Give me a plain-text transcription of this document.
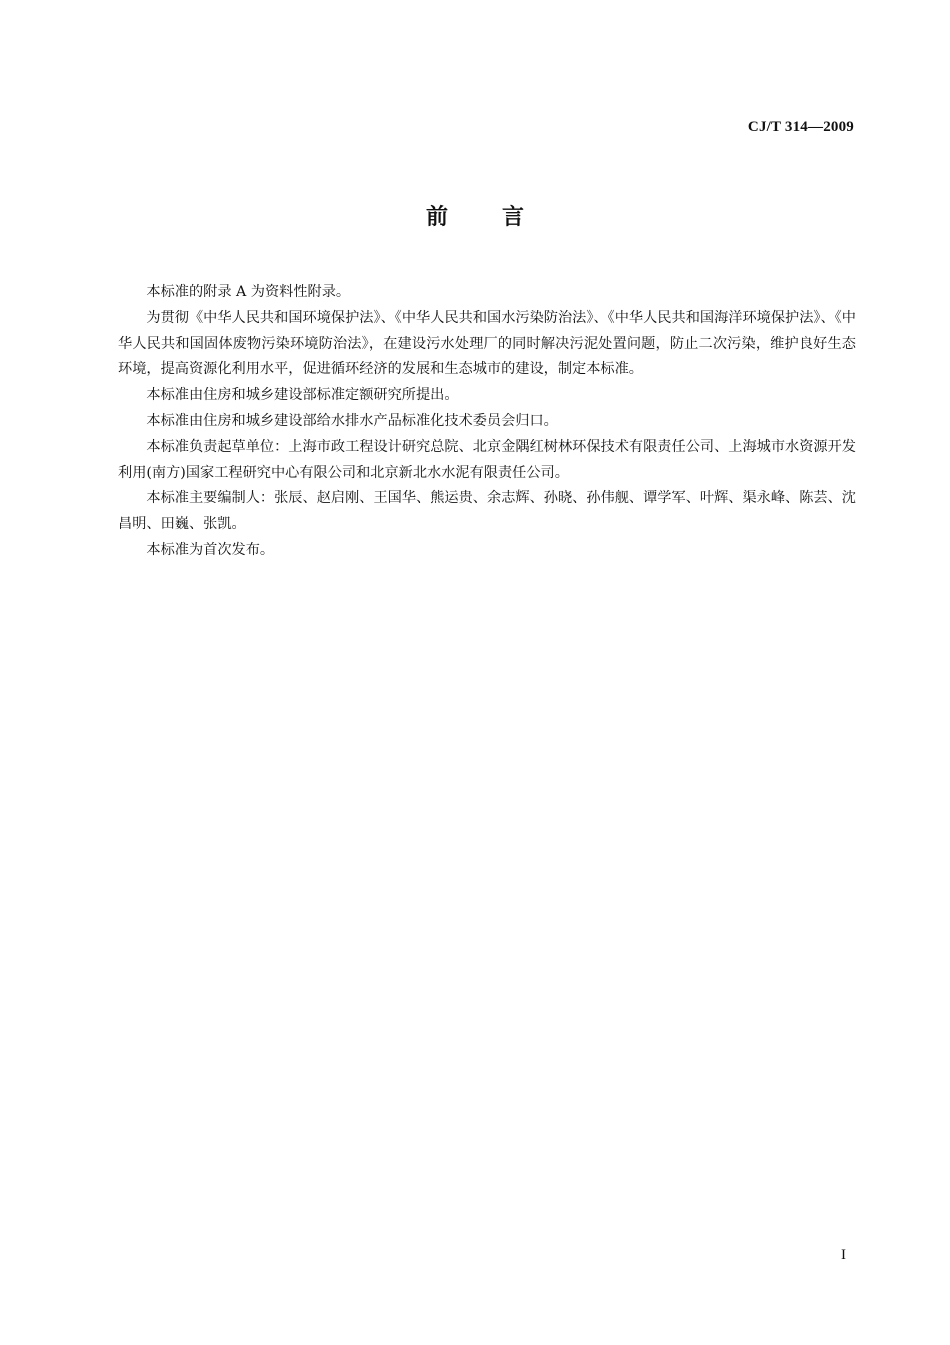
CJ/T 314—2009
前言

本标准的附录 A 为资料性附录。

为贯彻《中华人民共和国环境保护法》、《中华人民共和国水污染防治法》、《中华人民共和国海洋环境保护法》、《中华人民共和国固体废物污染环境防治法》，在建设污水处理厂的同时解决污泥处置问题，防止二次污染，维护良好生态环境，提高资源化利用水平，促进循环经济的发展和生态城市的建设，制定本标准。

本标准由住房和城乡建设部标准定额研究所提出。

本标准由住房和城乡建设部给水排水产品标准化技术委员会归口。

本标准负责起草单位：上海市政工程设计研究总院、北京金隅红树林环保技术有限责任公司、上海城市水资源开发利用(南方)国家工程研究中心有限公司和北京新北水水泥有限责任公司。

本标准主要编制人：张辰、赵启刚、王国华、熊运贵、余志辉、孙晓、孙伟舰、谭学军、叶辉、渠永峰、陈芸、沈昌明、田巍、张凯。

本标准为首次发布。

I
